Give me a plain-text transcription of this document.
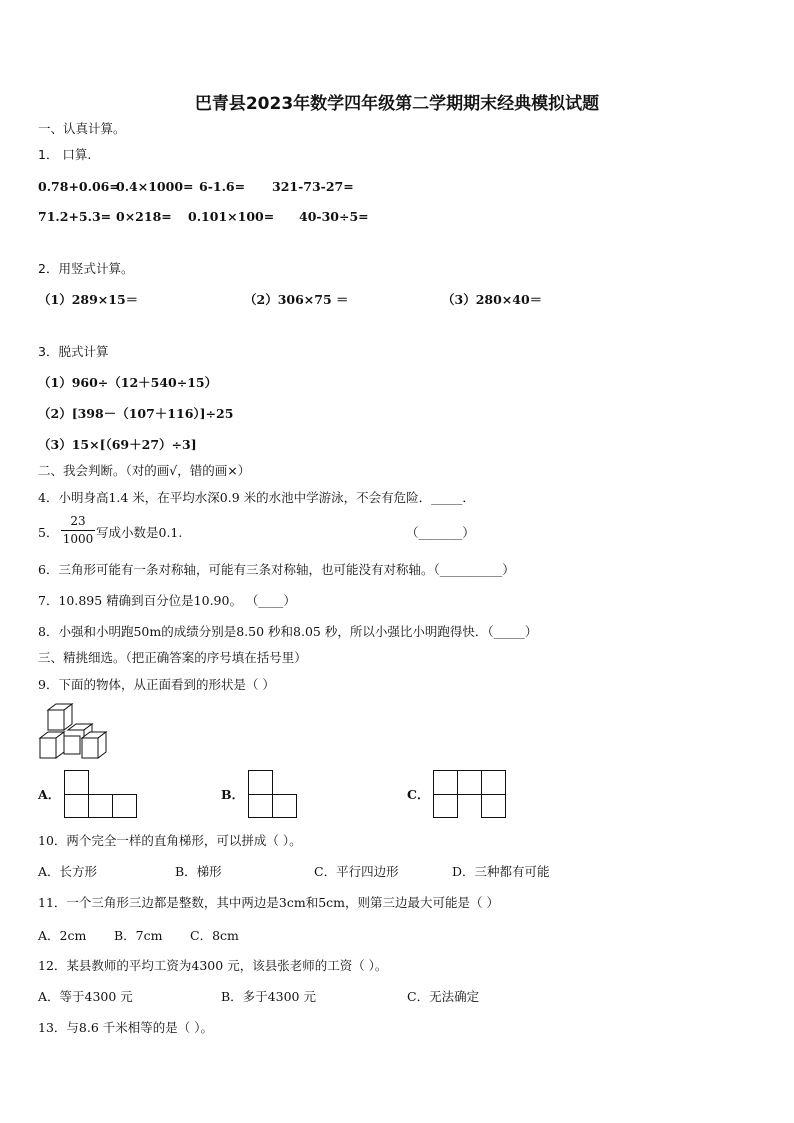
巴青县2023年数学四年级第二学期期末经典模拟试题
一、认真计算。
1． 口算.
0.78+0.06=
0.4×1000= 6-1.6= 321-73-27=
71.2+5.3= 0×218= 0.101×100= 40-30÷5=
2．用竖式计算。
（1）289×15＝	（2）306×75 ＝	（3）280×40＝
3．脱式计算
（1）960÷（12＋540÷15）
（2）[398－（107＋116）]÷25
（3）15×[（69＋27）÷3]
二、我会判断。（对的画√，错的画×）
4．小明身高1.4 米，在平均水深0.9 米的水池中学游泳，不会有危险．_____．
5．
23
1000 写成小数是0.1.	（_______）
6．三角形可能有一条对称轴，可能有三条对称轴，也可能没有对称轴。（__________）
7．10.895 精确到百分位是10.90。 （____）
8．小强和小明跑50m的成绩分别是8.50 秒和8.05 秒，所以小强比小明跑得快．（_____）
三、精挑细选。（把正确答案的序号填在括号里）
9．下面的物体，从正面看到的形状是（ ）
A．	B．	C．
10．两个完全一样的直角梯形，可以拼成（ ）。
A．长方形	B．梯形	C．平行四边形	D．三种都有可能
11．一个三角形三边都是整数，其中两边是3cm和5cm，则第三边最大可能是（ ）
A．2cm B．7cm C．8cm
12．某县教师的平均工资为4300 元，该县张老师的工资（ ）。
A．等于4300 元	B．多于4300 元	C．无法确定
13．与8.6 千米相等的是（ ）。
